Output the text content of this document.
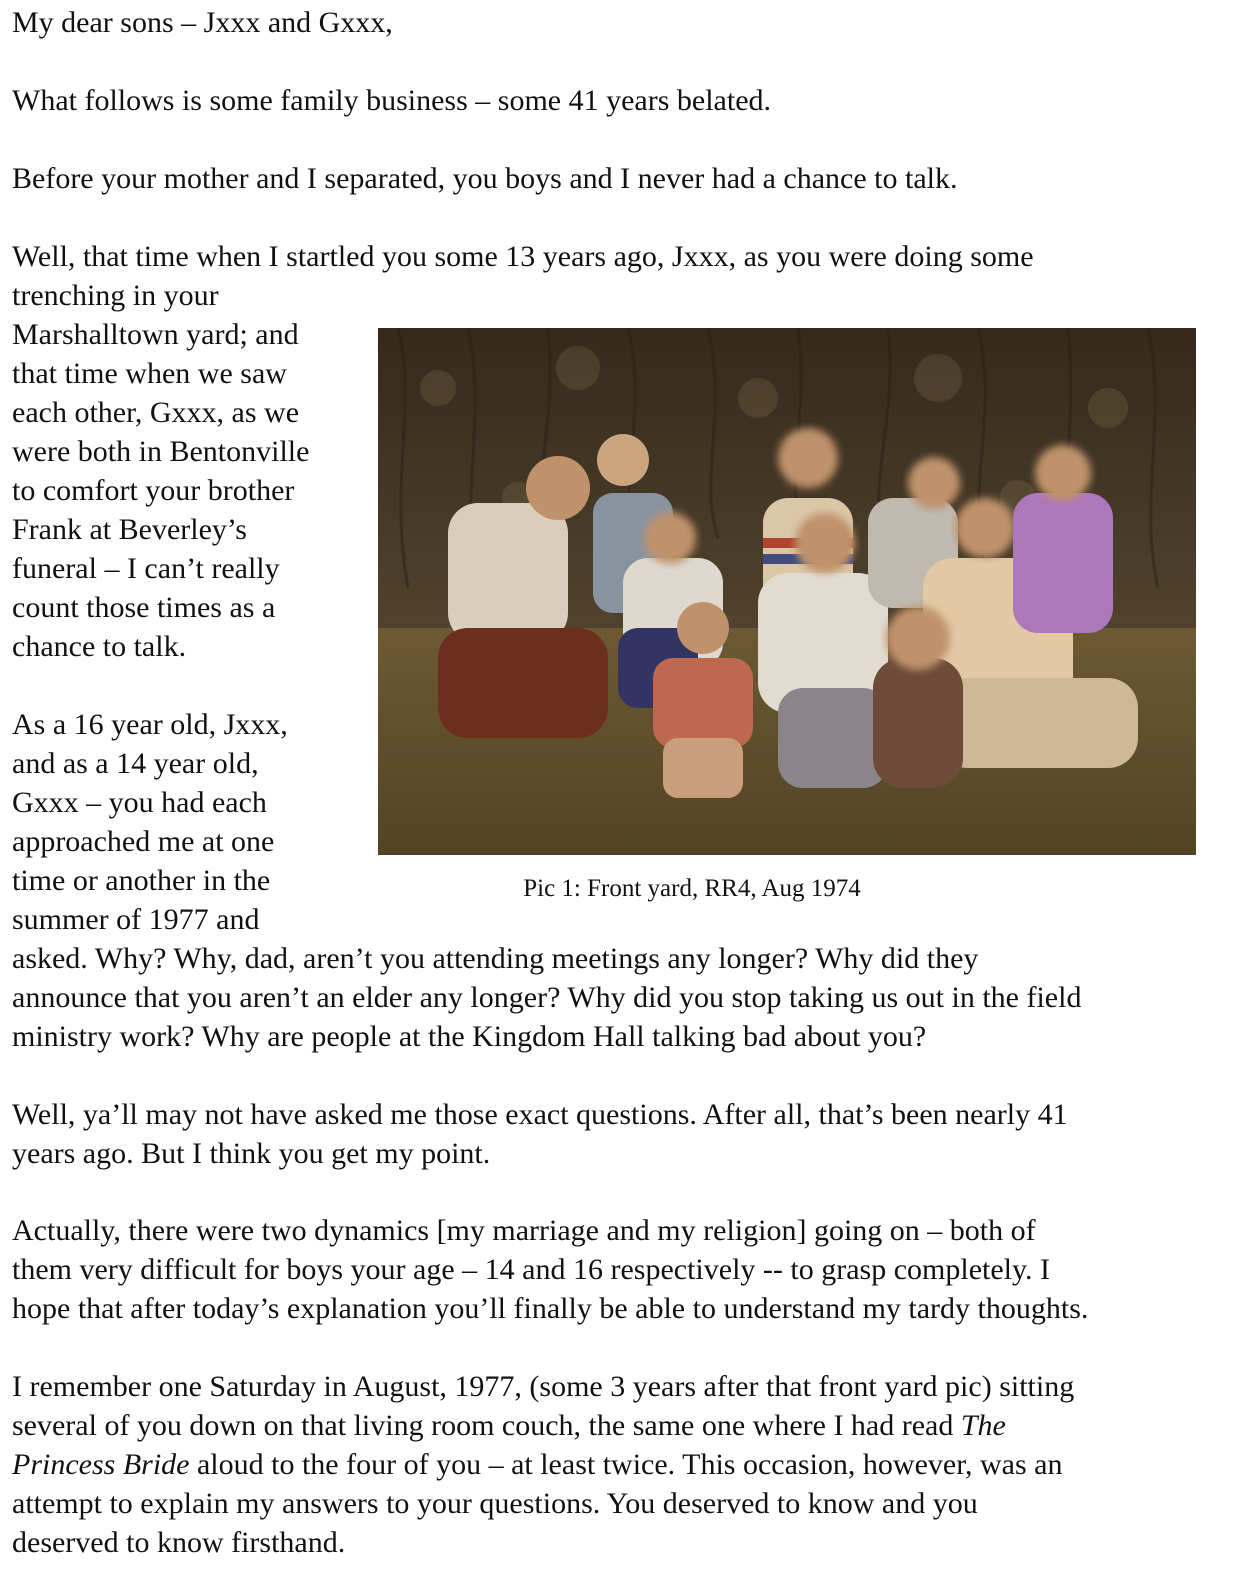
My dear sons – Jxxx and Gxxx,
What follows is some family business – some 41 years belated.
Before your mother and I separated, you boys and I never had a chance to talk.
Well, that time when I startled you some 13 years ago, Jxxx, as you were doing some
trenching in your
Marshalltown yard; and
that time when we saw
each other, Gxxx, as we
were both in Bentonville
to comfort your brother
Frank at Beverley’s
funeral – I can’t really
count those times as a
chance to talk.
As a 16 year old, Jxxx,
and as a 14 year old,
Gxxx – you had each
approached me at one
time or another in the
summer of 1977 and
asked. Why? Why, dad, aren’t you attending meetings any longer? Why did they
announce that you aren’t an elder any longer? Why did you stop taking us out in the field
ministry work? Why are people at the Kingdom Hall talking bad about you?
Well, ya’ll may not have asked me those exact questions. After all, that’s been nearly 41
years ago. But I think you get my point.
Actually, there were two dynamics [my marriage and my religion] going on – both of
them very difficult for boys your age – 14 and 16 respectively -- to grasp completely. I
hope that after today’s explanation you’ll finally be able to understand my tardy thoughts.
I remember one Saturday in August, 1977, (some 3 years after that front yard pic) sitting
several of you down on that living room couch, the same one where I had read The
Princess Bride aloud to the four of you – at least twice. This occasion, however, was an
attempt to explain my answers to your questions. You deserved to know and you
deserved to know firsthand.
Pic 1: Front yard, RR4, Aug 1974
